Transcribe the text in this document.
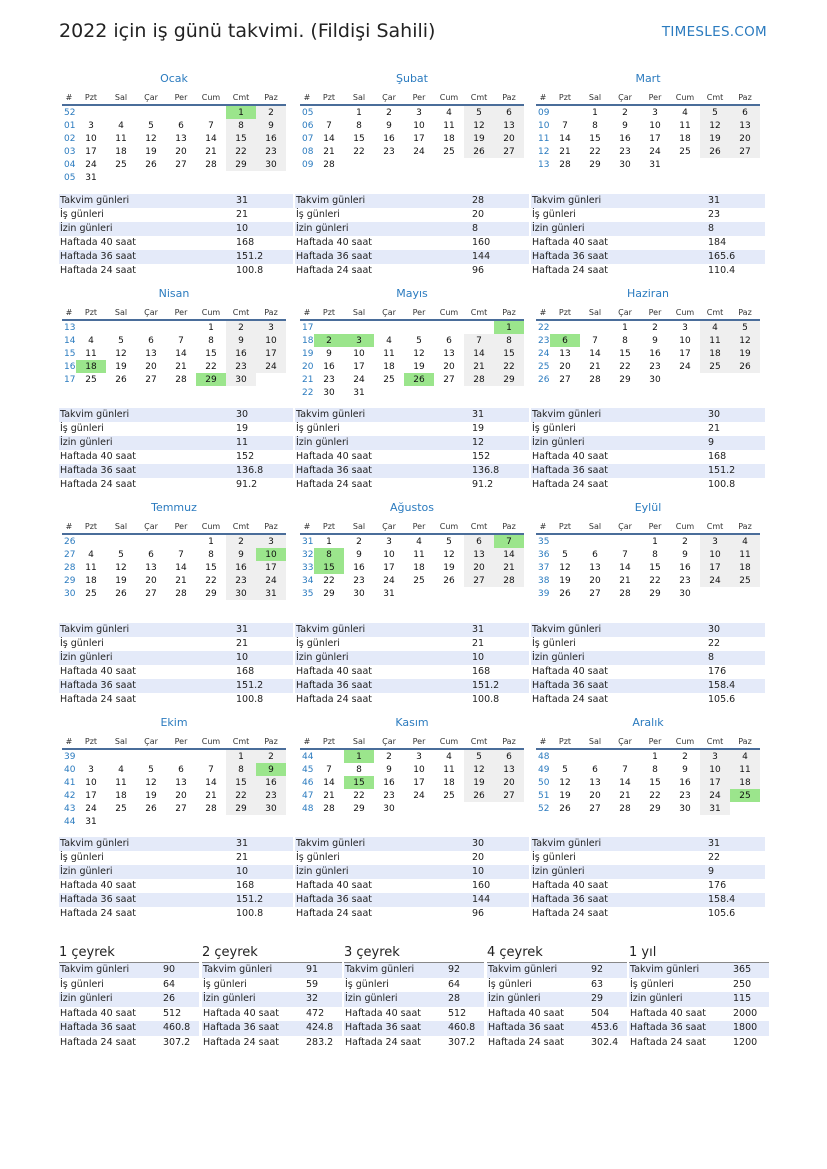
2022 için iş günü takvimi. (Fildişi Sahili)	TIMESLES.COM
Ocak
#	Pzt	Sal	Çar	Per	Cum	Cmt	Paz
52						1	2
01	3	4	5	6	7	8	9
02	10	11	12	13	14	15	16
03	17	18	19	20	21	22	23
04	24	25	26	27	28	29	30
05	31						
Takvim günleri	31
İş günleri	21
İzin günleri	10
Haftada 40 saat	168
Haftada 36 saat	151.2
Haftada 24 saat	100.8
Şubat
#	Pzt	Sal	Çar	Per	Cum	Cmt	Paz
05		1	2	3	4	5	6
06	7	8	9	10	11	12	13
07	14	15	16	17	18	19	20
08	21	22	23	24	25	26	27
09	28						
Takvim günleri	28
İş günleri	20
İzin günleri	8
Haftada 40 saat	160
Haftada 36 saat	144
Haftada 24 saat	96
Mart
#	Pzt	Sal	Çar	Per	Cum	Cmt	Paz
09		1	2	3	4	5	6
10	7	8	9	10	11	12	13
11	14	15	16	17	18	19	20
12	21	22	23	24	25	26	27
13	28	29	30	31			
Takvim günleri	31
İş günleri	23
İzin günleri	8
Haftada 40 saat	184
Haftada 36 saat	165.6
Haftada 24 saat	110.4
Nisan
#	Pzt	Sal	Çar	Per	Cum	Cmt	Paz
13					1	2	3
14	4	5	6	7	8	9	10
15	11	12	13	14	15	16	17
16	18	19	20	21	22	23	24
17	25	26	27	28	29	30	
Takvim günleri	30
İş günleri	19
İzin günleri	11
Haftada 40 saat	152
Haftada 36 saat	136.8
Haftada 24 saat	91.2
Mayıs
#	Pzt	Sal	Çar	Per	Cum	Cmt	Paz
17							1
18	2	3	4	5	6	7	8
19	9	10	11	12	13	14	15
20	16	17	18	19	20	21	22
21	23	24	25	26	27	28	29
22	30	31					
Takvim günleri	31
İş günleri	19
İzin günleri	12
Haftada 40 saat	152
Haftada 36 saat	136.8
Haftada 24 saat	91.2
Haziran
#	Pzt	Sal	Çar	Per	Cum	Cmt	Paz
22			1	2	3	4	5
23	6	7	8	9	10	11	12
24	13	14	15	16	17	18	19
25	20	21	22	23	24	25	26
26	27	28	29	30			
Takvim günleri	30
İş günleri	21
İzin günleri	9
Haftada 40 saat	168
Haftada 36 saat	151.2
Haftada 24 saat	100.8
Temmuz
#	Pzt	Sal	Çar	Per	Cum	Cmt	Paz
26					1	2	3
27	4	5	6	7	8	9	10
28	11	12	13	14	15	16	17
29	18	19	20	21	22	23	24
30	25	26	27	28	29	30	31
Takvim günleri	31
İş günleri	21
İzin günleri	10
Haftada 40 saat	168
Haftada 36 saat	151.2
Haftada 24 saat	100.8
Ağustos
#	Pzt	Sal	Çar	Per	Cum	Cmt	Paz
31	1	2	3	4	5	6	7
32	8	9	10	11	12	13	14
33	15	16	17	18	19	20	21
34	22	23	24	25	26	27	28
35	29	30	31				
Takvim günleri	31
İş günleri	21
İzin günleri	10
Haftada 40 saat	168
Haftada 36 saat	151.2
Haftada 24 saat	100.8
Eylül
#	Pzt	Sal	Çar	Per	Cum	Cmt	Paz
35				1	2	3	4
36	5	6	7	8	9	10	11
37	12	13	14	15	16	17	18
38	19	20	21	22	23	24	25
39	26	27	28	29	30		
Takvim günleri	30
İş günleri	22
İzin günleri	8
Haftada 40 saat	176
Haftada 36 saat	158.4
Haftada 24 saat	105.6
Ekim
#	Pzt	Sal	Çar	Per	Cum	Cmt	Paz
39						1	2
40	3	4	5	6	7	8	9
41	10	11	12	13	14	15	16
42	17	18	19	20	21	22	23
43	24	25	26	27	28	29	30
44	31						
Takvim günleri	31
İş günleri	21
İzin günleri	10
Haftada 40 saat	168
Haftada 36 saat	151.2
Haftada 24 saat	100.8
Kasım
#	Pzt	Sal	Çar	Per	Cum	Cmt	Paz
44		1	2	3	4	5	6
45	7	8	9	10	11	12	13
46	14	15	16	17	18	19	20
47	21	22	23	24	25	26	27
48	28	29	30				
Takvim günleri	30
İş günleri	20
İzin günleri	10
Haftada 40 saat	160
Haftada 36 saat	144
Haftada 24 saat	96
Aralık
#	Pzt	Sal	Çar	Per	Cum	Cmt	Paz
48				1	2	3	4
49	5	6	7	8	9	10	11
50	12	13	14	15	16	17	18
51	19	20	21	22	23	24	25
52	26	27	28	29	30	31	
Takvim günleri	31
İş günleri	22
İzin günleri	9
Haftada 40 saat	176
Haftada 36 saat	158.4
Haftada 24 saat	105.6
1 çeyrek
Takvim günleri	90
İş günleri	64
İzin günleri	26
Haftada 40 saat	512
Haftada 36 saat	460.8
Haftada 24 saat	307.2
2 çeyrek
Takvim günleri	91
İş günleri	59
İzin günleri	32
Haftada 40 saat	472
Haftada 36 saat	424.8
Haftada 24 saat	283.2
3 çeyrek
Takvim günleri	92
İş günleri	64
İzin günleri	28
Haftada 40 saat	512
Haftada 36 saat	460.8
Haftada 24 saat	307.2
4 çeyrek
Takvim günleri	92
İş günleri	63
İzin günleri	29
Haftada 40 saat	504
Haftada 36 saat	453.6
Haftada 24 saat	302.4
1 yıl
Takvim günleri	365
İş günleri	250
İzin günleri	115
Haftada 40 saat	2000
Haftada 36 saat	1800
Haftada 24 saat	1200
